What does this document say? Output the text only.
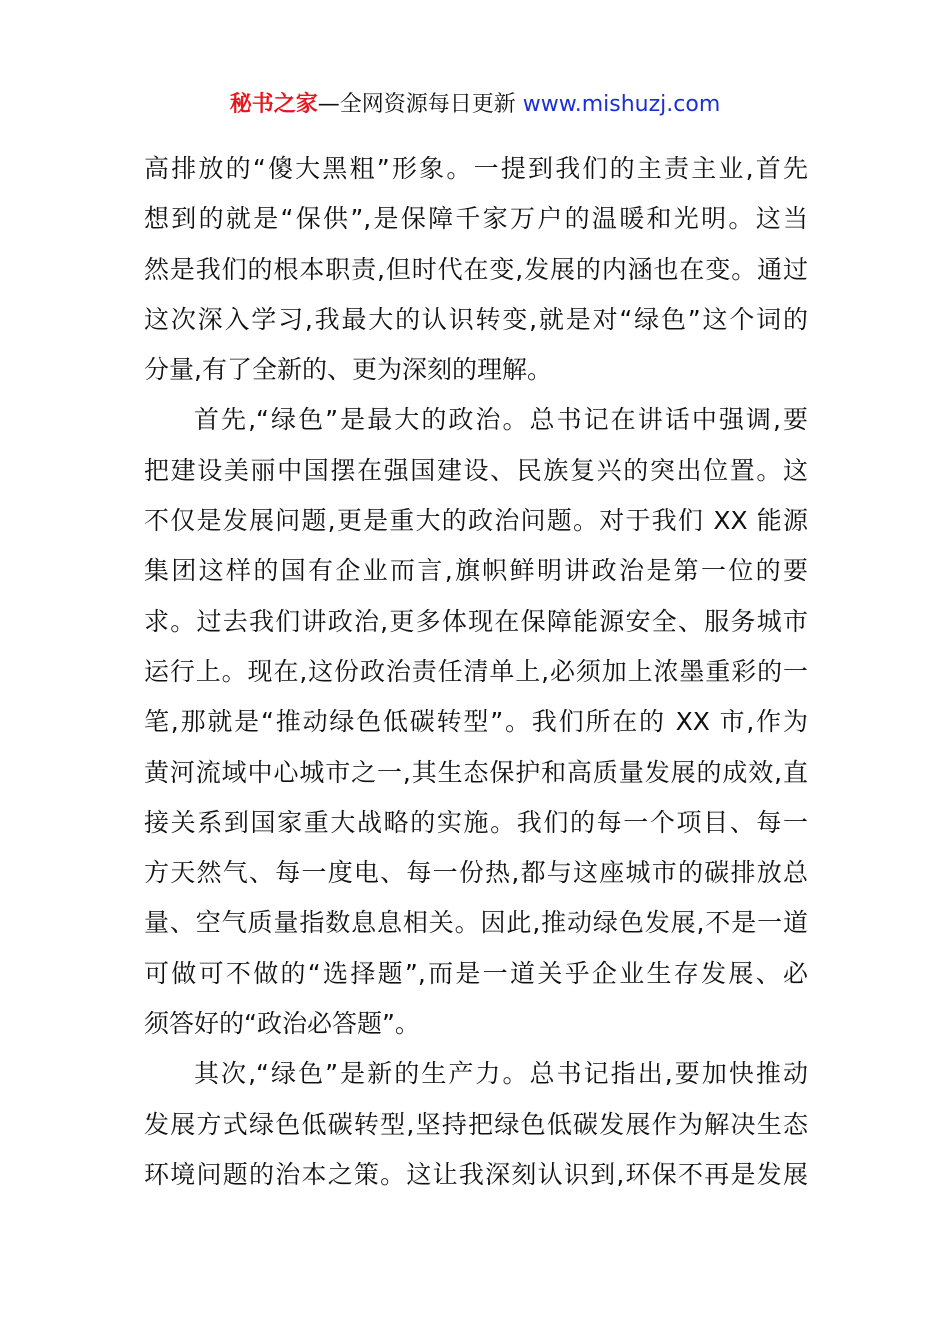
秘书之家—全网资源每日更新 www.mishuzj.com
高排放的“傻大黑粗”形象。一提到我们的主责主业,首先
想到的就是“保供”,是保障千家万户的温暖和光明。这当
然是我们的根本职责,但时代在变,发展的内涵也在变。通过
这次深入学习,我最大的认识转变,就是对“绿色”这个词的
分量,有了全新的、更为深刻的理解。
首先,“绿色”是最大的政治。总书记在讲话中强调,要
把建设美丽中国摆在强国建设、民族复兴的突出位置。这
不仅是发展问题,更是重大的政治问题。对于我们 XX 能源
集团这样的国有企业而言,旗帜鲜明讲政治是第一位的要
求。过去我们讲政治,更多体现在保障能源安全、服务城市
运行上。现在,这份政治责任清单上,必须加上浓墨重彩的一
笔,那就是“推动绿色低碳转型”。我们所在的 XX 市,作为
黄河流域中心城市之一,其生态保护和高质量发展的成效,直
接关系到国家重大战略的实施。我们的每一个项目、每一
方天然气、每一度电、每一份热,都与这座城市的碳排放总
量、空气质量指数息息相关。因此,推动绿色发展,不是一道
可做可不做的“选择题”,而是一道关乎企业生存发展、必
须答好的“政治必答题”。
其次,“绿色”是新的生产力。总书记指出,要加快推动
发展方式绿色低碳转型,坚持把绿色低碳发展作为解决生态
环境问题的治本之策。这让我深刻认识到,环保不再是发展
